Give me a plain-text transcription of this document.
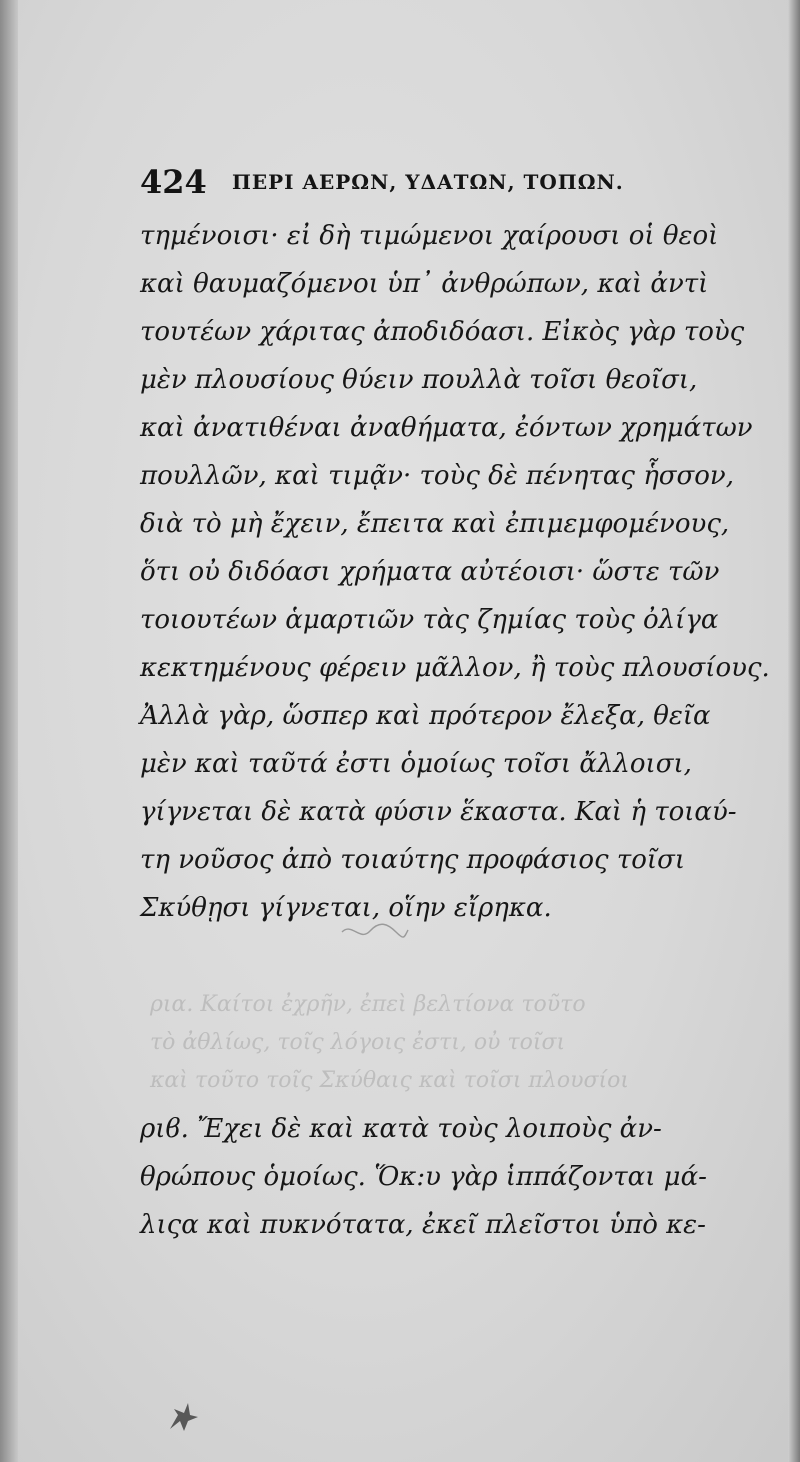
424 ΠΕΡΙ ΑΕΡΩΝ, ΥΔΑΤΩΝ, ΤΟΠΩΝ.
ρια. Καίτοι ἐχρῆν, ἐπεὶ βελτίονα τοῦτο
τὸ ἀθλίως, τοῖς λόγοις ἐστι, οὐ τοῖσι
καὶ τοῦτο τοῖς Σκύθαις καὶ τοῖσι πλουσίοι
τημένοισι· εἰ δὴ τιμώμενοι χαίρουσι οἱ θεοὶ
καὶ θαυμαζόμενοι ὑπ᾽ ἀνθρώπων, καὶ ἀντὶ
τουτέων χάριτας ἀποδιδόασι. Εἰκὸς γὰρ τοὺς
μὲν πλουσίους θύειν πουλλὰ τοῖσι θεοῖσι,
καὶ ἀνατιθέναι ἀναθήματα, ἐόντων χρημάτων
πουλλῶν, καὶ τιμᾷν· τοὺς δὲ πένητας ἧσσον,
διὰ τὸ μὴ ἔχειν, ἔπειτα καὶ ἐπιμεμφομένους,
ὅτι οὐ διδόασι χρήματα αὐτέοισι· ὥστε τῶν
τοιουτέων ἁμαρτιῶν τὰς ζημίας τοὺς ὀλίγα
κεκτημένους φέρειν μᾶλλον, ἢ τοὺς πλουσίους.
Ἀλλὰ γὰρ, ὥσπερ καὶ πρότερον ἔλεξα, θεῖα
μὲν καὶ ταῦτά ἐστι ὁμοίως τοῖσι ἄλλοισι,
γίγνεται δὲ κατὰ φύσιν ἕκαστα. Καὶ ἡ τοιαύ-
τη νοῦσος ἀπὸ τοιαύτης προφάσιος τοῖσι
Σκύθῃσι γίγνεται, οἵην εἴρηκα.
ριϐ. Ἔχει δὲ καὶ κατὰ τοὺς λοιποὺς ἀν-
θρώπους ὁμοίως. Ὅκ:υ γὰρ ἱππάζονται μά-
λιςα καὶ πυκνότατα, ἐκεῖ πλεῖστοι ὑπὸ κε-
